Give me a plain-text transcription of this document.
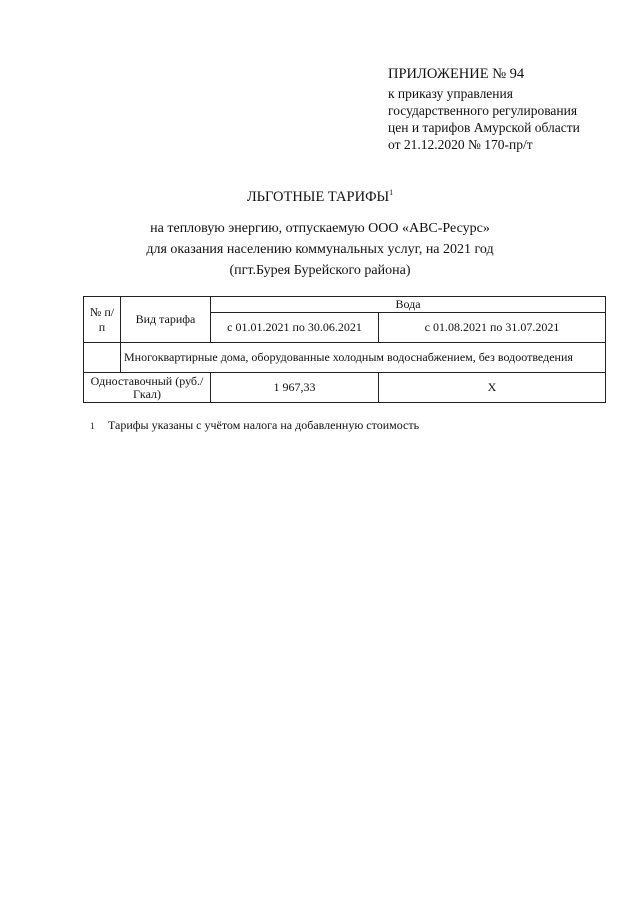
ПРИЛОЖЕНИЕ № 94
к приказу управления
государственного регулирования
цен и тарифов Амурской области
от 21.12.2020 № 170-пр/т
ЛЬГОТНЫЕ ТАРИФЫ$^1$
на тепловую энергию, отпускаемую ООО «АВС-Ресурс»
для оказания населению коммунальных услуг, на 2021 год
(пгт.Бурея Бурейского района)
№ п/п	Вид тарифа	Вода	
		с 01.01.2021 по 30.06.2021	с 01.08.2021 по 31.07.2021
	Многоквартирные дома, оборудованные холодным водоснабжением, без водоотведения		
Одноставочный (руб./Гкал)		1 967,33	Х
1 Тарифы указаны с учётом налога на добавленную стоимость
